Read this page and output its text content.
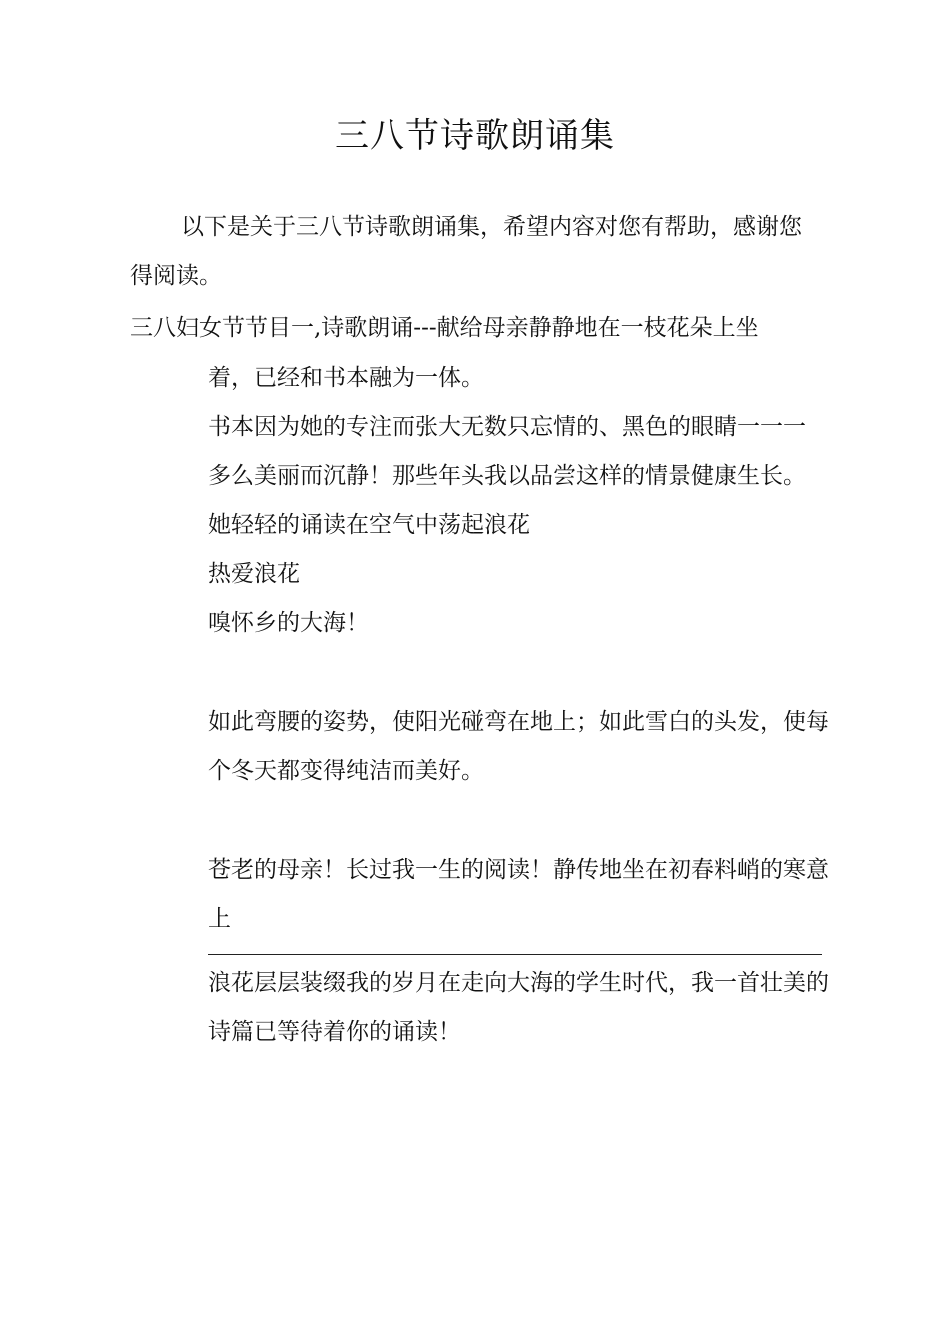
三八节诗歌朗诵集

以下是关于三八节诗歌朗诵集，希望内容对您有帮助，感谢您得阅读。

三八妇女节节目一,诗歌朗诵---献给母亲静静地在一枝花朵上坐

着，已经和书本融为一体。

书本因为她的专注而张大无数只忘情的、黑色的眼睛一一一

多么美丽而沉静！那些年头我以品尝这样的情景健康生长。

她轻轻的诵读在空气中荡起浪花

热爱浪花

嗅怀乡的大海！

如此弯腰的姿势，使阳光碰弯在地上；如此雪白的头发，使每个冬天都变得纯洁而美好。

苍老的母亲！长过我一生的阅读！静传地坐在初春料峭的寒意上

浪花层层装缀我的岁月在走向大海的学生时代，我一首壮美的诗篇已等待着你的诵读！
